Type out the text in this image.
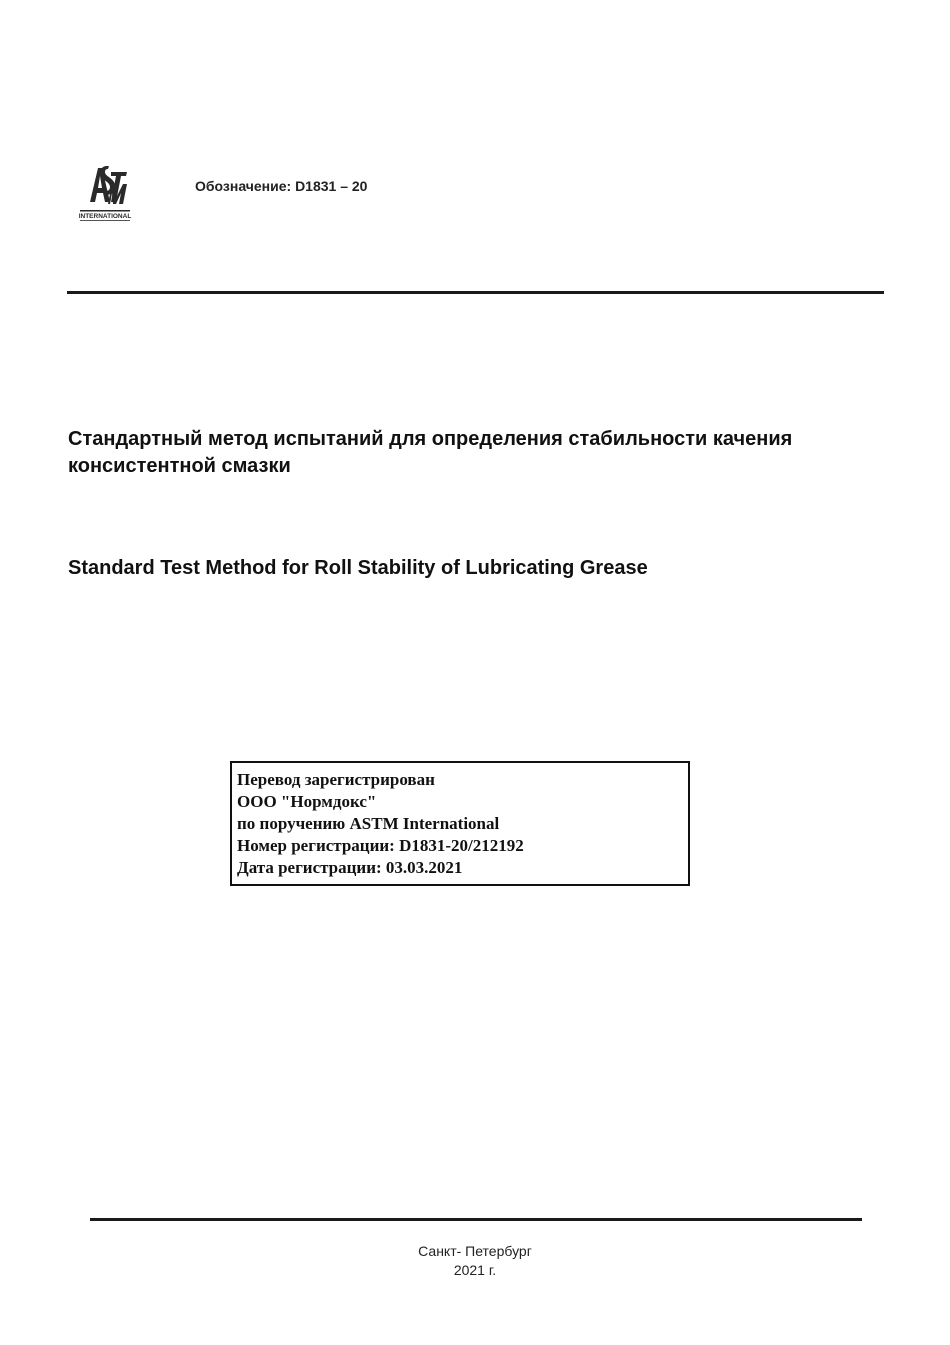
INTERNATIONAL
Обозначение: D1831 – 20
Стандартный метод испытаний для определения стабильности качения консистентной смазки
Standard Test Method for Roll Stability of Lubricating Grease
Перевод зарегистрирован
ООО "Нормдокс"
по поручению ASTM International
Номер регистрации: D1831-20/212192
Дата регистрации: 03.03.2021
Санкт- Петербург
2021 г.
